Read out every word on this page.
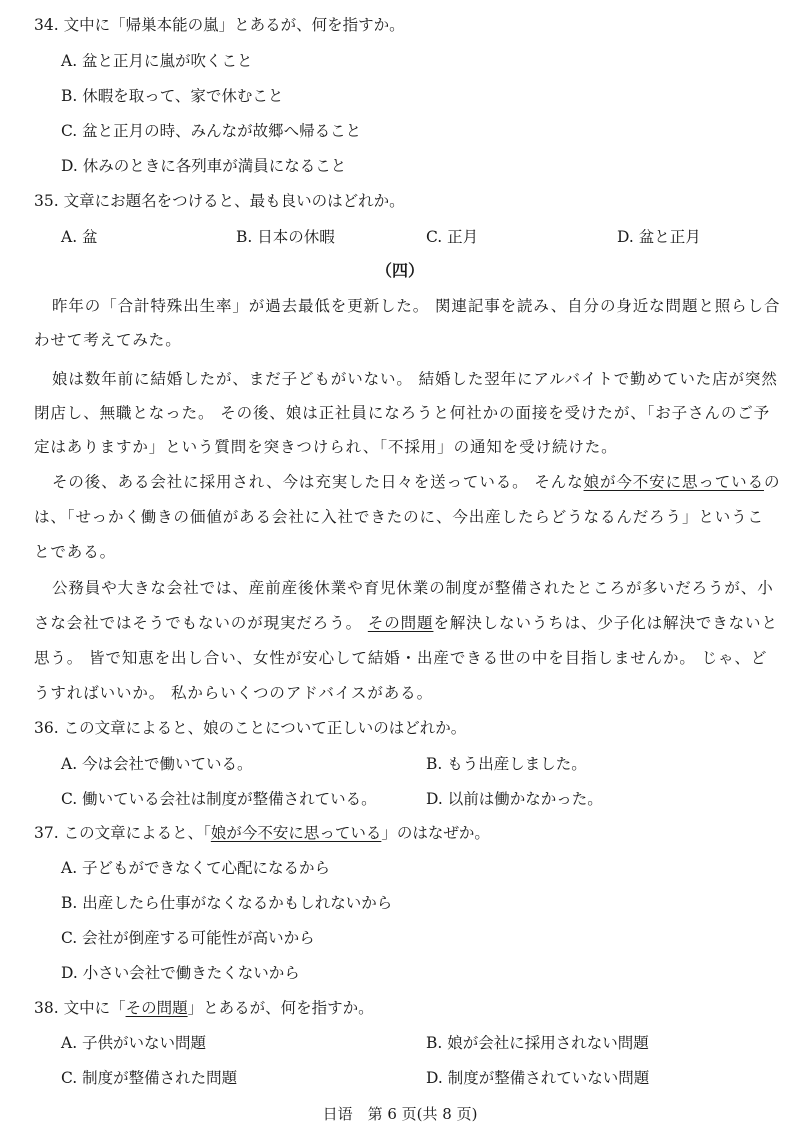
34. 文中に「帰巣本能の嵐」とあるが、何を指すか。
A. 盆と正月に嵐が吹くこと
B. 休暇を取って、家で休むこと
C. 盆と正月の時、みんなが故郷へ帰ること
D. 休みのときに各列車が満員になること
35. 文章にお題名をつけると、最も良いのはどれか。
A. 盆	B. 日本の休暇	C. 正月	D. 盆と正月
（四）
昨年の「合計特殊出生率」が過去最低を更新した。 関連記事を読み、自分の身近な問題と照らし合
わせて考えてみた。
娘は数年前に結婚したが、まだ子どもがいない。 結婚した翌年にアルバイトで勤めていた店が突然
閉店し、無職となった。 その後、娘は正社員になろうと何社かの面接を受けたが、「お子さんのご予
定はありますか」という質問を突きつけられ、「不採用」の通知を受け続けた。
その後、ある会社に採用され、今は充実した日々を送っている。 そんな娘が今不安に思っているの
は、「せっかく働きの価値がある会社に入社できたのに、今出産したらどうなるんだろう」というこ
とである。
公務員や大きな会社では、産前産後休業や育児休業の制度が整備されたところが多いだろうが、小
さな会社ではそうでもないのが現実だろう。 その問題を解決しないうちは、少子化は解決できないと
思う。 皆で知恵を出し合い、女性が安心して結婚・出産できる世の中を目指しませんか。 じゃ、ど
うすればいいか。 私からいくつのアドバイスがある。
36. この文章によると、娘のことについて正しいのはどれか。
A. 今は会社で働いている。	B. もう出産しました。
C. 働いている会社は制度が整備されている。	D. 以前は働かなかった。
37. この文章によると、「娘が今不安に思っている」のはなぜか。
A. 子どもができなくて心配になるから
B. 出産したら仕事がなくなるかもしれないから
C. 会社が倒産する可能性が高いから
D. 小さい会社で働きたくないから
38. 文中に「その問題」とあるが、何を指すか。
A. 子供がいない問題	B. 娘が会社に採用されない問題
C. 制度が整備された問題	D. 制度が整備されていない問題
日语　第 6 页(共 8 页)
